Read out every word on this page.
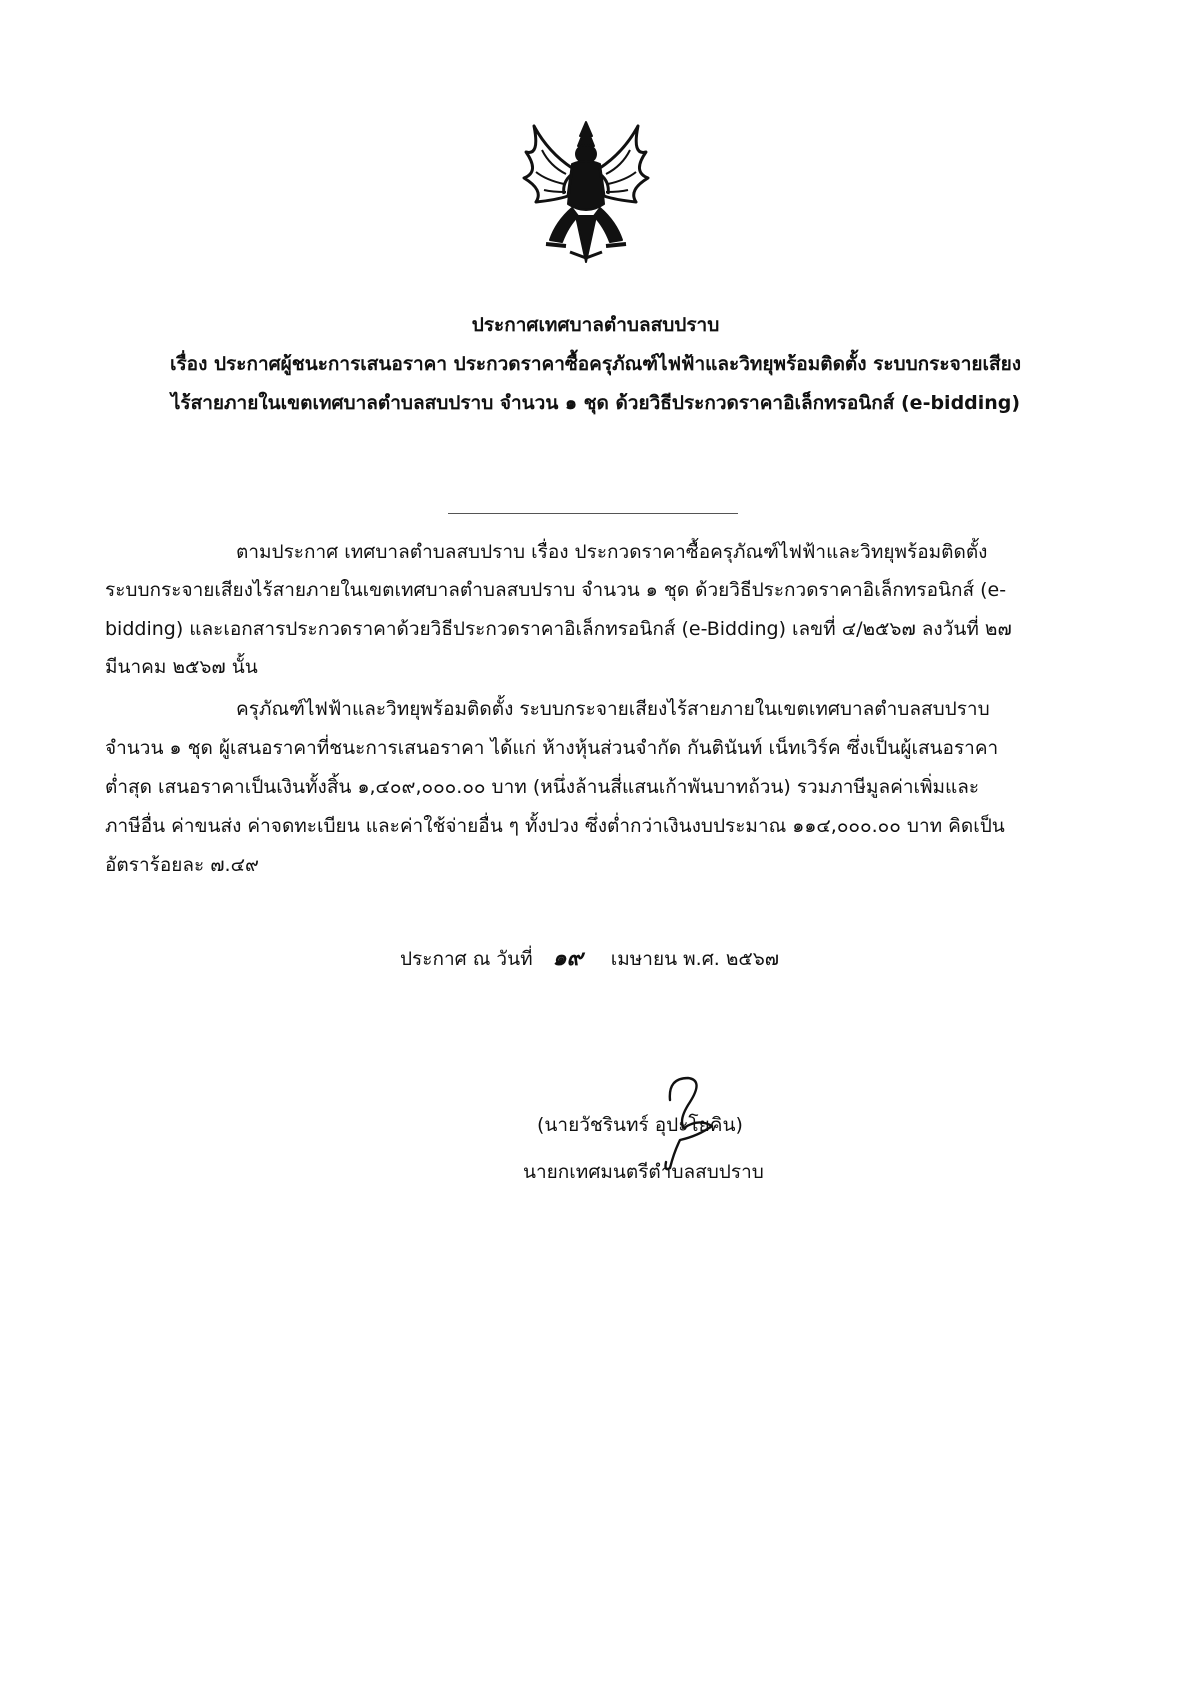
ประกาศเทศบาลตำบลสบปราบ
เรื่อง ประกาศผู้ชนะการเสนอราคา ประกวดราคาซื้อครุภัณฑ์ไฟฟ้าและวิทยุพร้อมติดตั้ง ระบบกระจายเสียง
ไร้สายภายในเขตเทศบาลตำบลสบปราบ จำนวน ๑ ชุด ด้วยวิธีประกวดราคาอิเล็กทรอนิกส์ (e-bidding)
ตามประกาศ เทศบาลตำบลสบปราบ เรื่อง ประกวดราคาซื้อครุภัณฑ์ไฟฟ้าและวิทยุพร้อมติดตั้ง
ระบบกระจายเสียงไร้สายภายในเขตเทศบาลตำบลสบปราบ จำนวน ๑ ชุด ด้วยวิธีประกวดราคาอิเล็กทรอนิกส์ (e-
bidding) และเอกสารประกวดราคาด้วยวิธีประกวดราคาอิเล็กทรอนิกส์ (e-Bidding) เลขที่ ๔/๒๕๖๗ ลงวันที่ ๒๗
มีนาคม ๒๕๖๗ นั้น
ครุภัณฑ์ไฟฟ้าและวิทยุพร้อมติดตั้ง ระบบกระจายเสียงไร้สายภายในเขตเทศบาลตำบลสบปราบ
จำนวน ๑ ชุด ผู้เสนอราคาที่ชนะการเสนอราคา ได้แก่ ห้างหุ้นส่วนจำกัด กันตินันท์ เน็ทเวิร์ค ซึ่งเป็นผู้เสนอราคา
ต่ำสุด เสนอราคาเป็นเงินทั้งสิ้น ๑,๔๐๙,๐๐๐.๐๐ บาท (หนึ่งล้านสี่แสนเก้าพันบาทถ้วน) รวมภาษีมูลค่าเพิ่มและ
ภาษีอื่น ค่าขนส่ง ค่าจดทะเบียน และค่าใช้จ่ายอื่น ๆ ทั้งปวง ซึ่งต่ำกว่าเงินงบประมาณ ๑๑๔,๐๐๐.๐๐ บาท คิดเป็น
อัตราร้อยละ ๗.๔๙
ประกาศ ณ วันที่ ๑๙ เมษายน พ.ศ. ๒๕๖๗
(นายวัชรินทร์ อุปะโยคิน)
นายกเทศมนตรีตำบลสบปราบ
